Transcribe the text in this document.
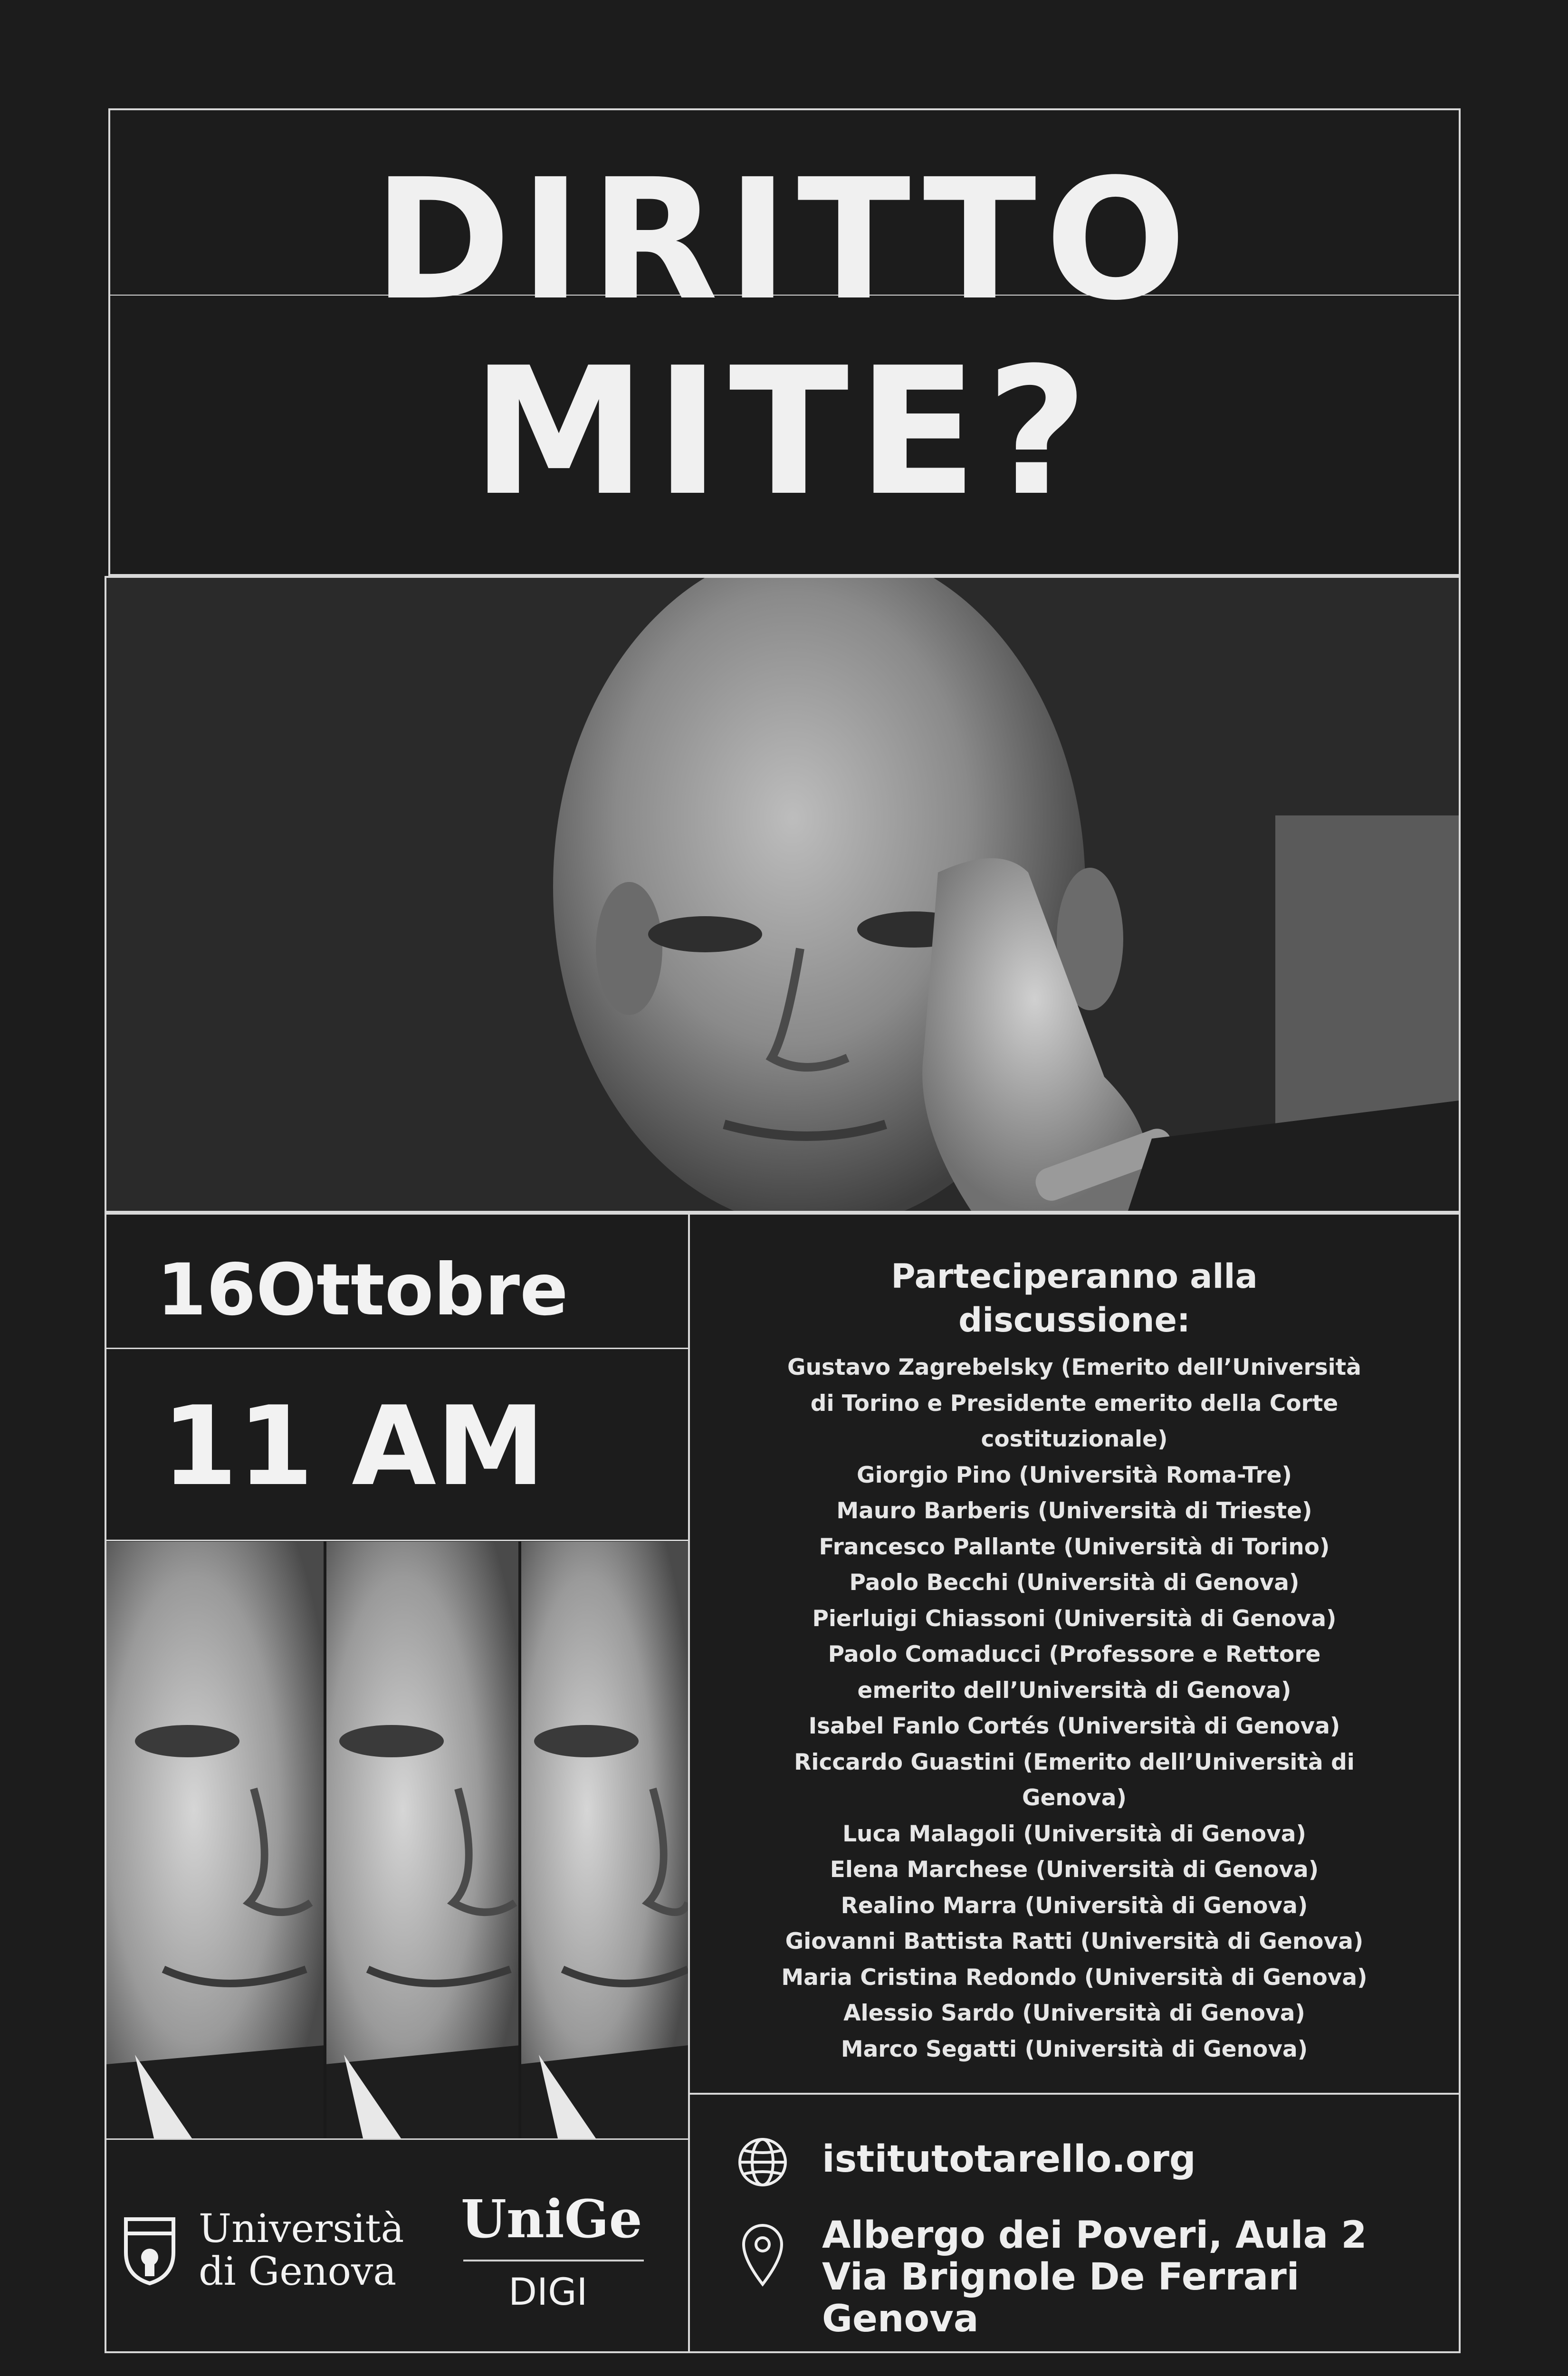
DIRITTO
MITE?
16Ottobre
11 AM
Università
di Genova
UniGe
DIGI
Parteciperanno alla
discussione:
Gustavo Zagrebelsky (Emerito dell’Università
di Torino e Presidente emerito della Corte
costituzionale)
Giorgio Pino (Università Roma-Tre)
Mauro Barberis (Università di Trieste)
Francesco Pallante (Università di Torino)
Paolo Becchi (Università di Genova)
Pierluigi Chiassoni (Università di Genova)
Paolo Comaducci (Professore e Rettore
emerito dell’Università di Genova)
Isabel Fanlo Cortés (Università di Genova)
Riccardo Guastini (Emerito dell’Università di
Genova)
Luca Malagoli (Università di Genova)
Elena Marchese (Università di Genova)
Realino Marra (Università di Genova)
Giovanni Battista Ratti (Università di Genova)
Maria Cristina Redondo (Università di Genova)
Alessio Sardo (Università di Genova)
Marco Segatti (Università di Genova)
istitutotarello.org
Albergo dei Poveri, Aula 2
Via Brignole De Ferrari
Genova
